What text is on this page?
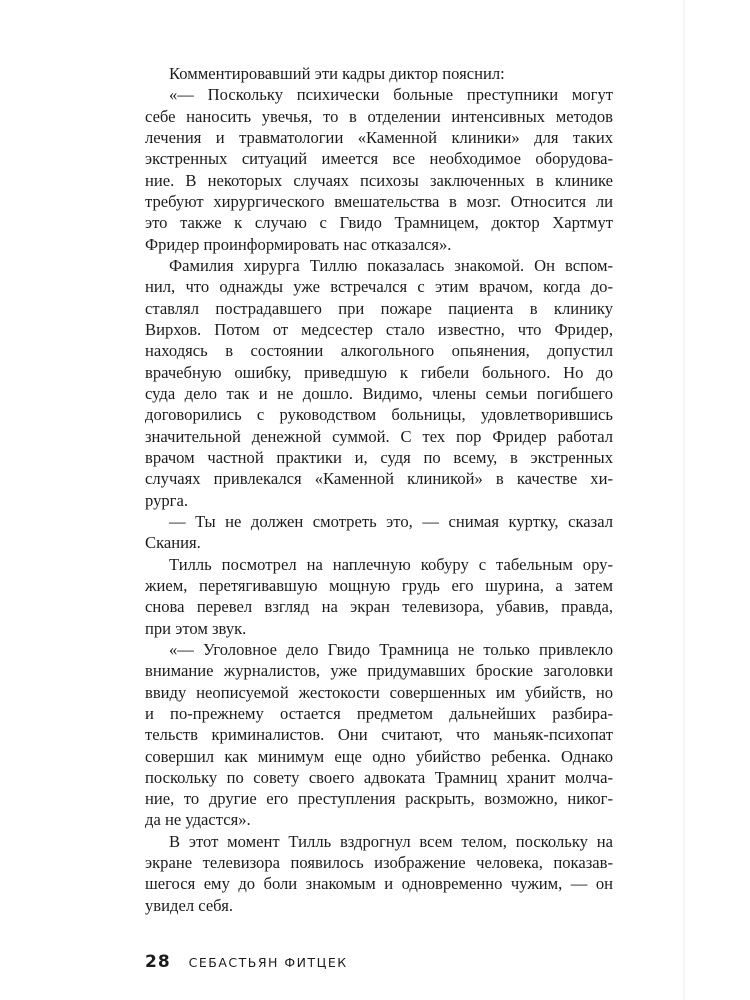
Комментировавший эти кадры диктор пояснил:
«— Поскольку психически больные преступники могут
себе наносить увечья, то в отделении интенсивных методов
лечения и травматологии «Каменной клиники» для таких
экстренных ситуаций имеется все необходимое оборудова-
ние. В некоторых случаях психозы заключенных в клинике
требуют хирургического вмешательства в мозг. Относится ли
это также к случаю с Гвидо Трамницем, доктор Хартмут
Фридер проинформировать нас отказался».
Фамилия хирурга Тиллю показалась знакомой. Он вспом-
нил, что однажды уже встречался с этим врачом, когда до-
ставлял пострадавшего при пожаре пациента в клинику
Вирхов. Потом от медсестер стало известно, что Фридер,
находясь в состоянии алкогольного опьянения, допустил
врачебную ошибку, приведшую к гибели больного. Но до
суда дело так и не дошло. Видимо, члены семьи погибшего
договорились с руководством больницы, удовлетворившись
значительной денежной суммой. С тех пор Фридер работал
врачом частной практики и, судя по всему, в экстренных
случаях привлекался «Каменной клиникой» в качестве хи-
рурга.
— Ты не должен смотреть это, — снимая куртку, сказал
Скания.
Тилль посмотрел на наплечную кобуру с табельным ору-
жием, перетягивавшую мощную грудь его шурина, а затем
снова перевел взгляд на экран телевизора, убавив, правда,
при этом звук.
«— Уголовное дело Гвидо Трамница не только привлекло
внимание журналистов, уже придумавших броские заголовки
ввиду неописуемой жестокости совершенных им убийств, но
и по-прежнему остается предметом дальнейших разбира-
тельств криминалистов. Они считают, что маньяк-психопат
совершил как минимум еще одно убийство ребенка. Однако
поскольку по совету своего адвоката Трамниц хранит молча-
ние, то другие его преступления раскрыть, возможно, никог-
да не удастся».
В этот момент Тилль вздрогнул всем телом, поскольку на
экране телевизора появилось изображение человека, показав-
шегося ему до боли знакомым и одновременно чужим, — он
увидел себя.
28 СЕБАСТЬЯН ФИТЦЕК
